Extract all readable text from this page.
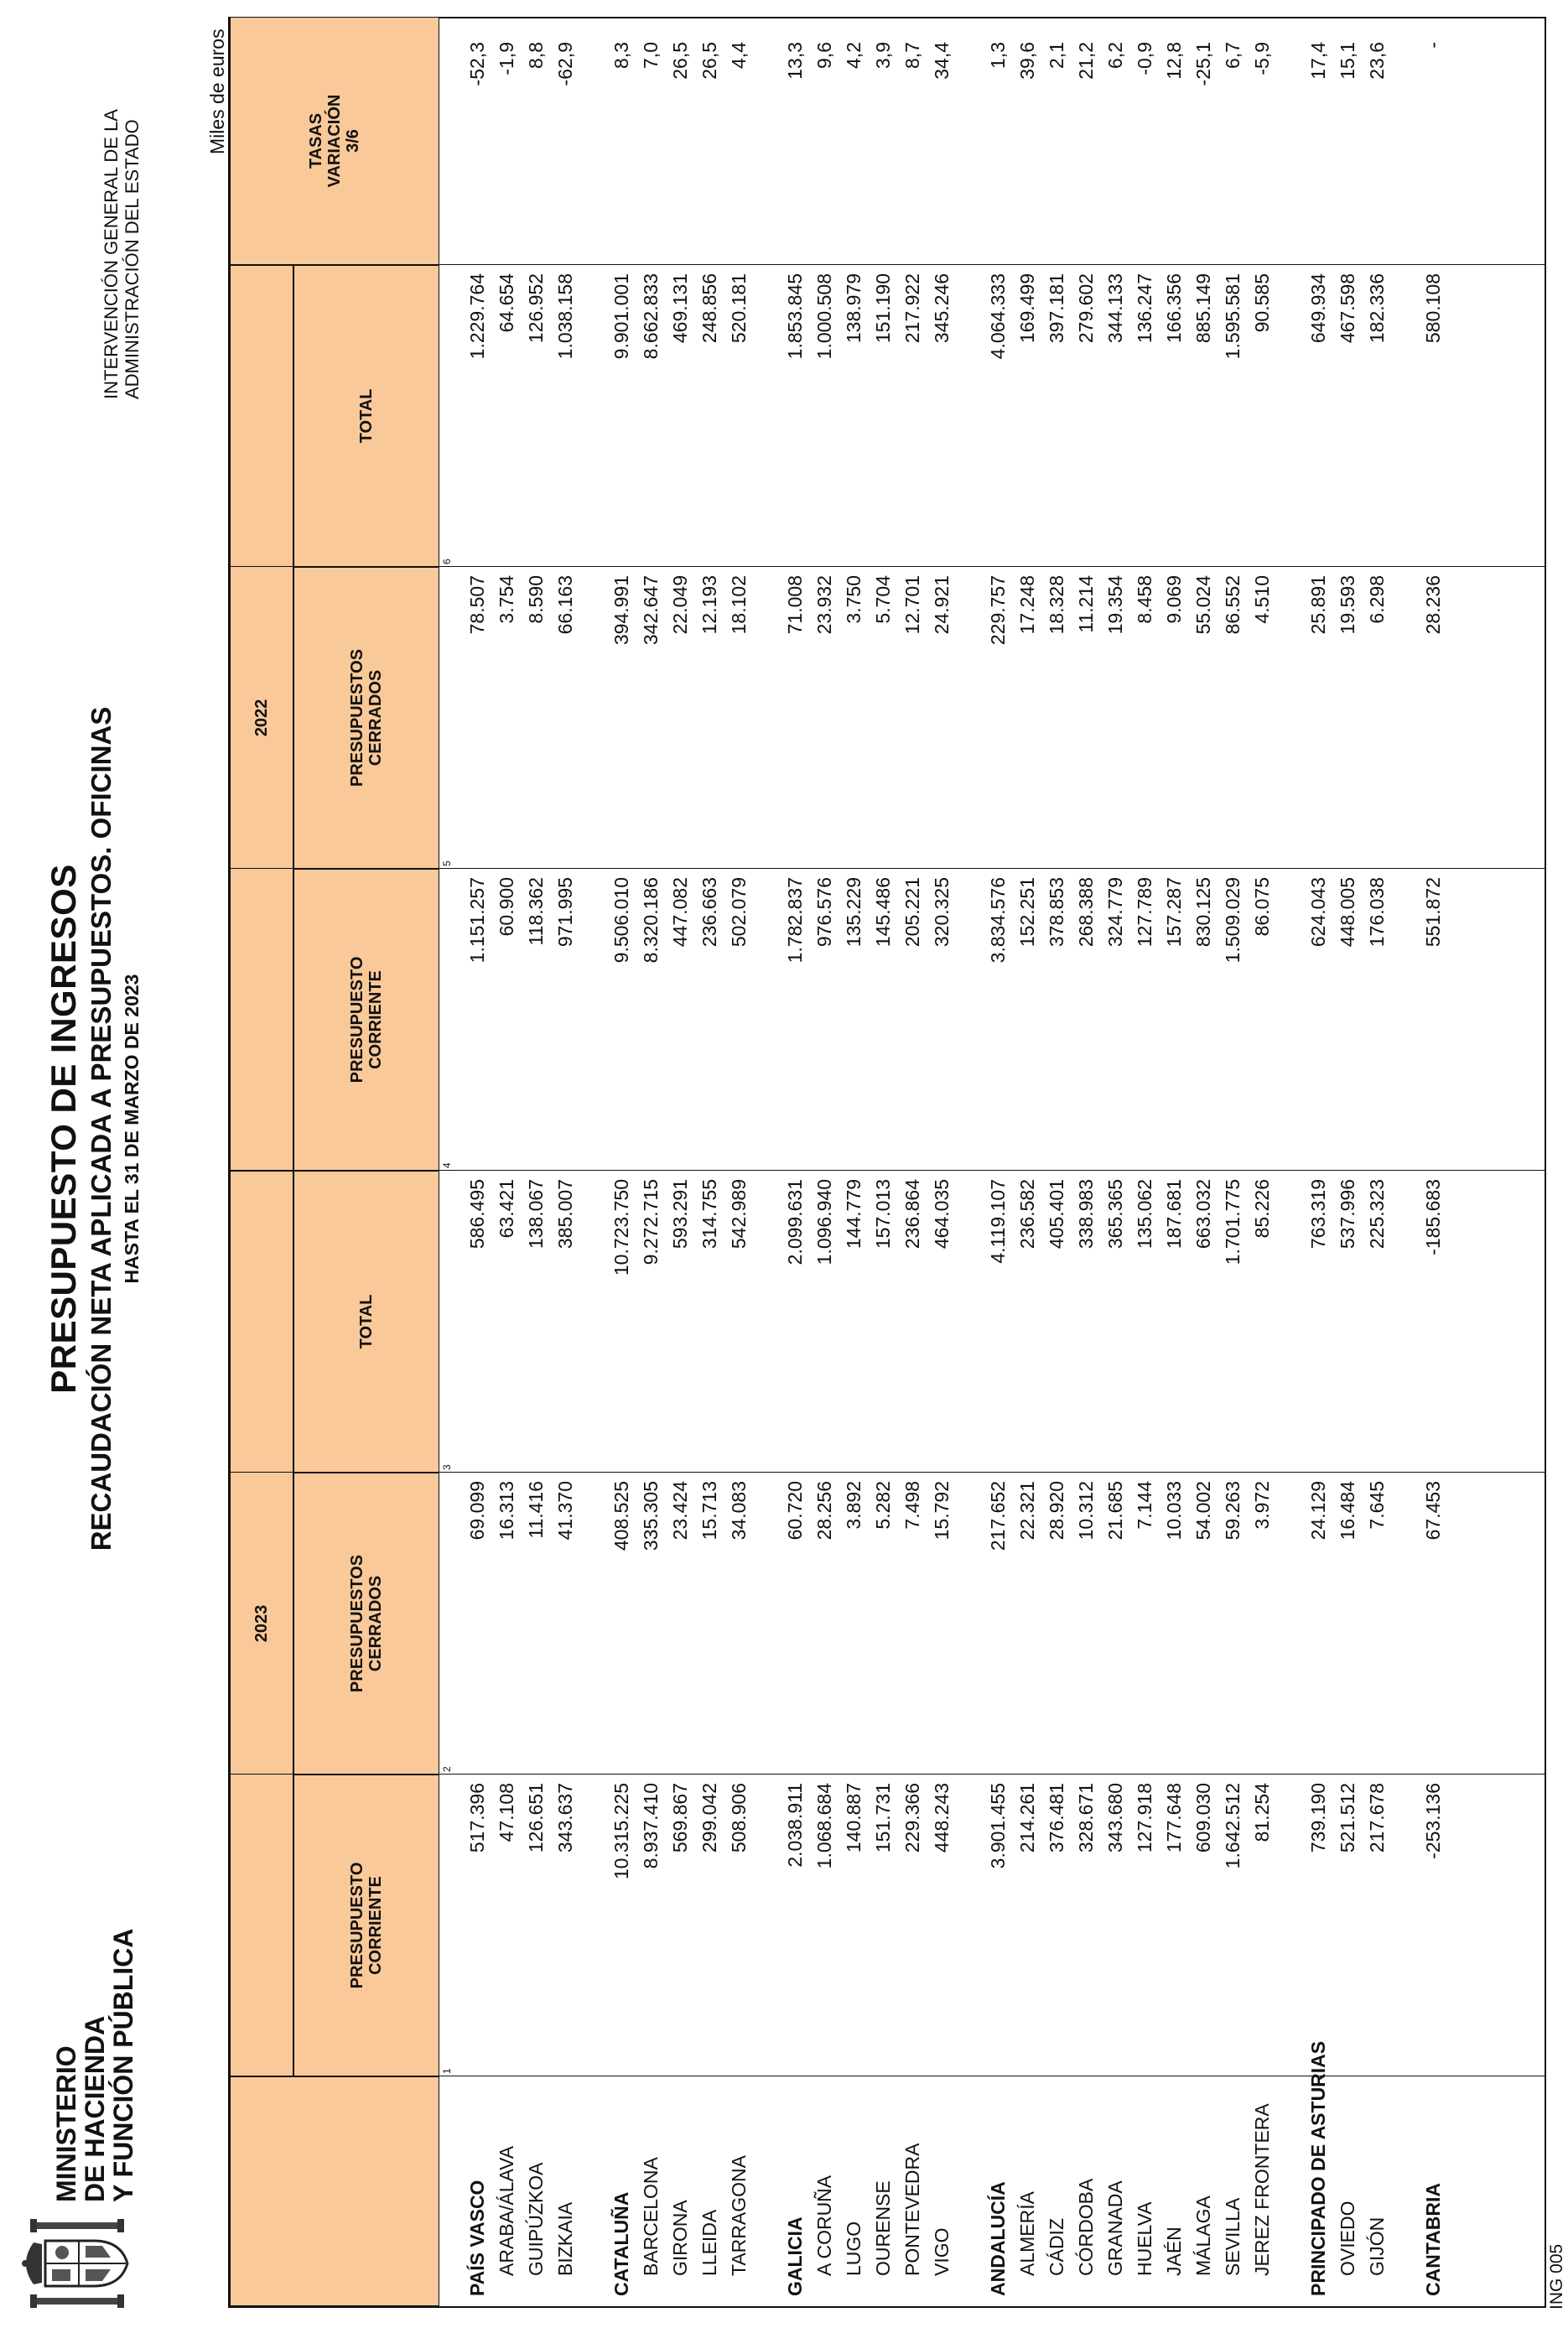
MINISTERIO
DE HACIENDA
Y FUNCIÓN PÚBLICA
PRESUPUESTO DE INGRESOS RECAUDACIÓN NETA APLICADA A PRESUPUESTOS. OFICINAS HASTA EL 31 DE MARZO DE 2023
INTERVENCIÓN GENERAL DE LA ADMINISTRACIÓN DEL ESTADO
Miles de euros
ING 005
2023
2022
TASAS VARIACIÓN 3/6
PRESUPUESTO CORRIENTE
PRESUPUESTOS CERRADOS
TOTAL
PRESUPUESTO CORRIENTE
PRESUPUESTOS CERRADOS
TOTAL
1
2
3
4
5
6
PAÍS VASCO
517.396
69.099
586.495
1.151.257
78.507
1.229.764
-52,3
ARABA/ÁLAVA
47.108
16.313
63.421
60.900
3.754
64.654
-1,9
GUIPÚZKOA
126.651
11.416
138.067
118.362
8.590
126.952
8,8
BIZKAIA
343.637
41.370
385.007
971.995
66.163
1.038.158
-62,9
CATALUÑA
10.315.225
408.525
10.723.750
9.506.010
394.991
9.901.001
8,3
BARCELONA
8.937.410
335.305
9.272.715
8.320.186
342.647
8.662.833
7,0
GIRONA
569.867
23.424
593.291
447.082
22.049
469.131
26,5
LLEIDA
299.042
15.713
314.755
236.663
12.193
248.856
26,5
TARRAGONA
508.906
34.083
542.989
502.079
18.102
520.181
4,4
GALICIA
2.038.911
60.720
2.099.631
1.782.837
71.008
1.853.845
13,3
A CORUÑA
1.068.684
28.256
1.096.940
976.576
23.932
1.000.508
9,6
LUGO
140.887
3.892
144.779
135.229
3.750
138.979
4,2
OURENSE
151.731
5.282
157.013
145.486
5.704
151.190
3,9
PONTEVEDRA
229.366
7.498
236.864
205.221
12.701
217.922
8,7
VIGO
448.243
15.792
464.035
320.325
24.921
345.246
34,4
ANDALUCÍA
3.901.455
217.652
4.119.107
3.834.576
229.757
4.064.333
1,3
ALMERÍA
214.261
22.321
236.582
152.251
17.248
169.499
39,6
CÁDIZ
376.481
28.920
405.401
378.853
18.328
397.181
2,1
CÓRDOBA
328.671
10.312
338.983
268.388
11.214
279.602
21,2
GRANADA
343.680
21.685
365.365
324.779
19.354
344.133
6,2
HUELVA
127.918
7.144
135.062
127.789
8.458
136.247
-0,9
JAÉN
177.648
10.033
187.681
157.287
9.069
166.356
12,8
MÁLAGA
609.030
54.002
663.032
830.125
55.024
885.149
-25,1
SEVILLA
1.642.512
59.263
1.701.775
1.509.029
86.552
1.595.581
6,7
JEREZ FRONTERA
81.254
3.972
85.226
86.075
4.510
90.585
-5,9
PRINCIPADO DE ASTURIAS
739.190
24.129
763.319
624.043
25.891
649.934
17,4
OVIEDO
521.512
16.484
537.996
448.005
19.593
467.598
15,1
GIJÓN
217.678
7.645
225.323
176.038
6.298
182.336
23,6
CANTABRIA
-253.136
67.453
-185.683
551.872
28.236
580.108
-
